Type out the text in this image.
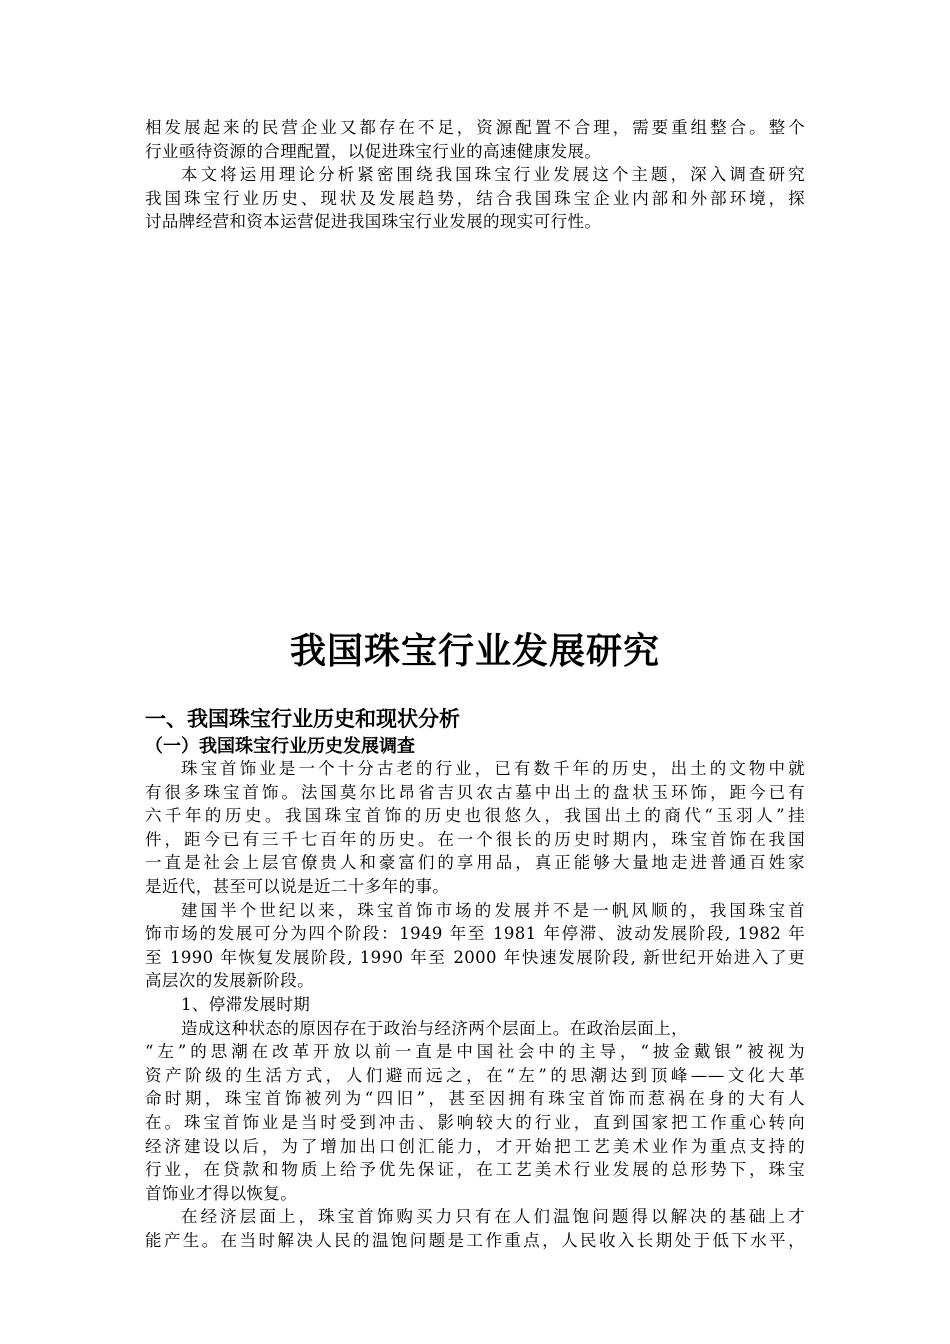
相发展起来的民营企业又都存在不足，资源配置不合理，需要重组整合。整个
行业亟待资源的合理配置，以促进珠宝行业的高速健康发展。
本文将运用理论分析紧密围绕我国珠宝行业发展这个主题，深入调查研究
我国珠宝行业历史、现状及发展趋势，结合我国珠宝企业内部和外部环境，探
讨品牌经营和资本运营促进我国珠宝行业发展的现实可行性。
我国珠宝行业发展研究
一、我国珠宝行业历史和现状分析
（一）我国珠宝行业历史发展调查
珠宝首饰业是一个十分古老的行业，已有数千年的历史，出土的文物中就
有很多珠宝首饰。法国莫尔比昂省吉贝农古墓中出土的盘状玉环饰，距今已有
六千年的历史。我国珠宝首饰的历史也很悠久，我国出土的商代“玉羽人”挂
件，距今已有三千七百年的历史。在一个很长的历史时期内，珠宝首饰在我国
一直是社会上层官僚贵人和豪富们的享用品，真正能够大量地走进普通百姓家
是近代，甚至可以说是近二十多年的事。
建国半个世纪以来，珠宝首饰市场的发展并不是一帆风顺的，我国珠宝首
饰市场的发展可分为四个阶段：1949 年至 1981 年停滞、波动发展阶段, 1982 年
至 1990 年恢复发展阶段, 1990 年至 2000 年快速发展阶段, 新世纪开始进入了更
高层次的发展新阶段。
1、停滞发展时期
造成这种状态的原因存在于政治与经济两个层面上。在政治层面上，
“左”的思潮在改革开放以前一直是中国社会中的主导，“披金戴银”被视为
资产阶级的生活方式，人们避而远之，在“左”的思潮达到顶峰——文化大革
命时期，珠宝首饰被列为“四旧”，甚至因拥有珠宝首饰而惹祸在身的大有人
在。珠宝首饰业是当时受到冲击、影响较大的行业，直到国家把工作重心转向
经济建设以后，为了增加出口创汇能力，才开始把工艺美术业作为重点支持的
行业，在贷款和物质上给予优先保证，在工艺美术行业发展的总形势下，珠宝
首饰业才得以恢复。
在经济层面上，珠宝首饰购买力只有在人们温饱问题得以解决的基础上才
能产生。在当时解决人民的温饱问题是工作重点，人民收入长期处于低下水平，
